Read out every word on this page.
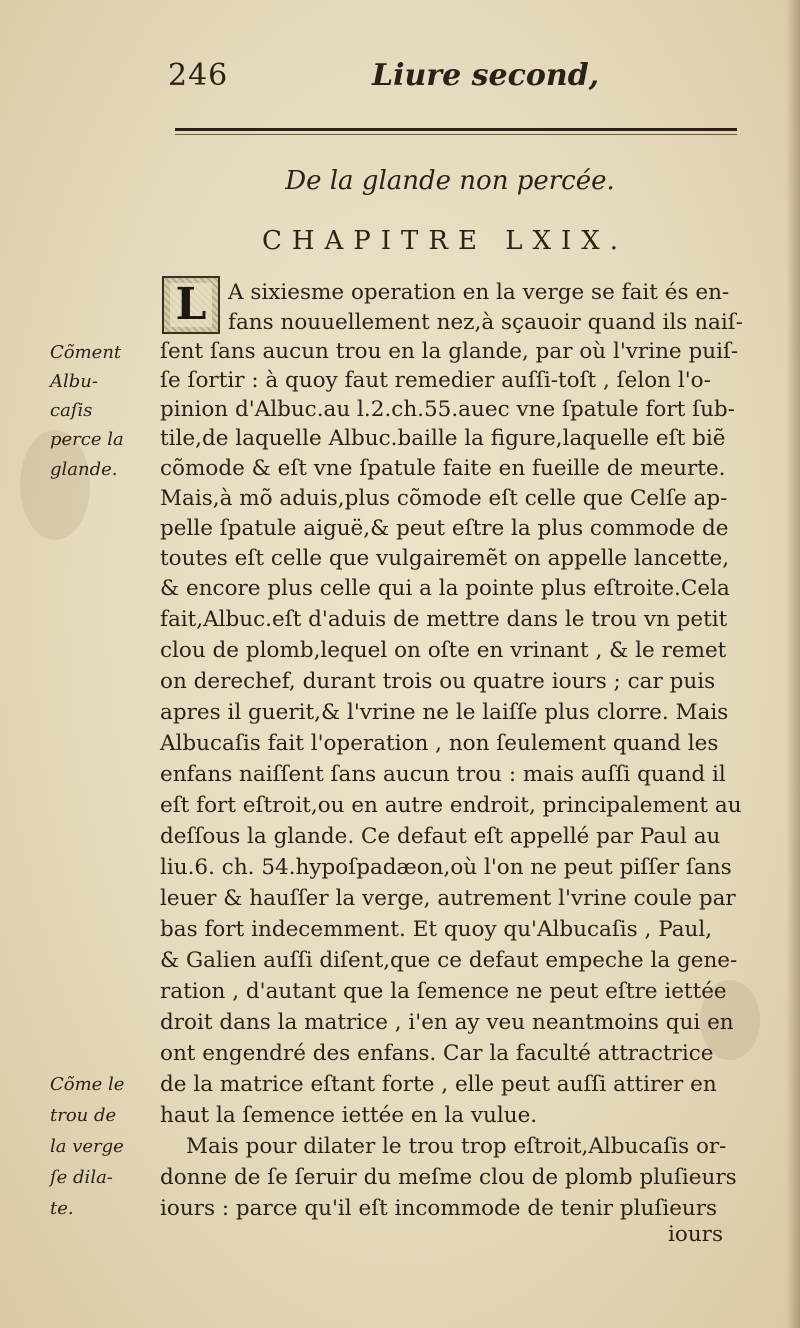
246	Liure second,
De la glande non percée.
CHAPITRE LXIX.
L A sixiesme operation en la verge se fait és en-
fans nouuellement nez,à sçauoir quand ils naiſ-
ſent ſans aucun trou en la glande, par où l'vrine puiſ-
ſe ſortir : à quoy faut remedier auſſi-toſt , ſelon l'o-
pinion d'Albuc.au l.2.ch.55.auec vne ſpatule fort ſub-
tile,de laquelle Albuc.baille la figure,laquelle eſt biẽ
cõmode & eſt vne ſpatule faite en fueille de meurte.
Mais,à mõ aduis,plus cõmode eſt celle que Celſe ap-
pelle ſpatule aiguë,& peut eſtre la plus commode de
toutes eſt celle que vulgairemẽt on appelle lancette,
& encore plus celle qui a la pointe plus eſtroite.Cela
fait,Albuc.eſt d'aduis de mettre dans le trou vn petit
clou de plomb,lequel on oſte en vrinant , & le remet
on derechef, durant trois ou quatre iours ; car puis
apres il guerit,& l'vrine ne le laiſſe plus clorre. Mais
Albucaſis fait l'operation , non ſeulement quand les
enfans naiſſent ſans aucun trou : mais auſſi quand il
eſt fort eſtroit,ou en autre endroit, principalement au
deſſous la glande. Ce defaut eſt appellé par Paul au
liu.6. ch. 54.hypoſpadæon,où l'on ne peut piſſer ſans
leuer & hauſſer la verge, autrement l'vrine coule par
bas fort indecemment. Et quoy qu'Albucaſis , Paul,
& Galien auſſi diſent,que ce defaut empeche la gene-
ration , d'autant que la ſemence ne peut eſtre iettée
droit dans la matrice , i'en ay veu neantmoins qui en
ont engendré des enfans. Car la faculté attractrice
de la matrice eſtant forte , elle peut auſſi attirer en
haut la ſemence iettée en la vulue.
Mais pour dilater le trou trop eſtroit,Albucaſis or-
donne de ſe ſeruir du meſme clou de plomb pluſieurs
iours : parce qu'il eſt incommode de tenir pluſieurs
iours
Cõment
Albu-
caſis
perce la
glande.
Cõme le
trou de
la verge
ſe dila-
te.
